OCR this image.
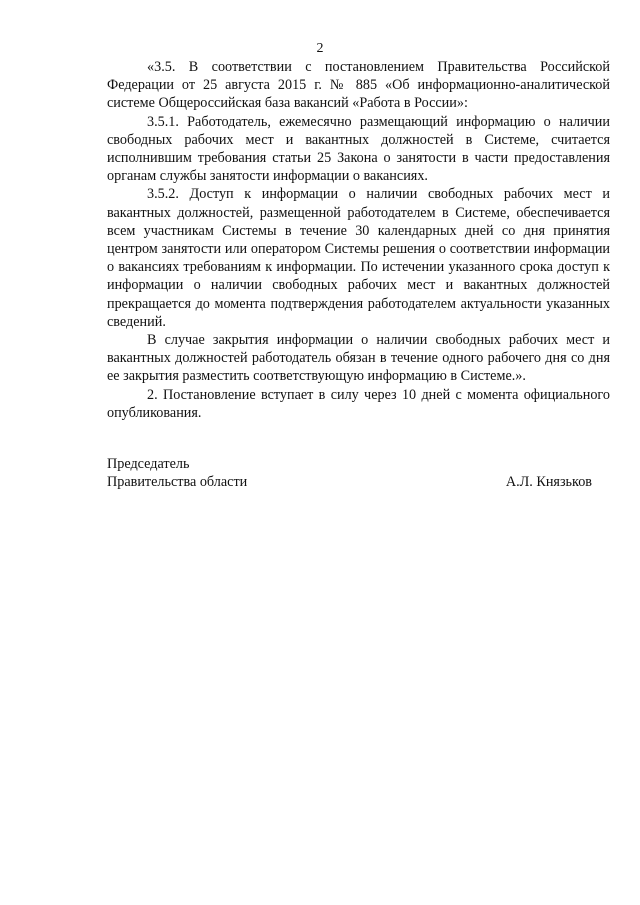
2

«3.5. В соответствии с постановлением Правительства Российской Федерации от 25 августа 2015 г. № 885 «Об информационно-аналитической системе Общероссийская база вакансий «Работа в России»:

3.5.1. Работодатель, ежемесячно размещающий информацию о наличии свободных рабочих мест и вакантных должностей в Системе, считается исполнившим требования статьи 25 Закона о занятости в части предоставления органам службы занятости информации о вакансиях.

3.5.2. Доступ к информации о наличии свободных рабочих мест и вакантных должностей, размещенной работодателем в Системе, обеспечивается всем участникам Системы в течение 30 календарных дней со дня принятия центром занятости или оператором Системы решения о соответствии информации о вакансиях требованиям к информации. По истечении указанного срока доступ к информации о наличии свободных рабочих мест и вакантных должностей прекращается до момента подтверждения работодателем актуальности указанных сведений.

В случае закрытия информации о наличии свободных рабочих мест и вакантных должностей работодатель обязан в течение одного рабочего дня со дня ее закрытия разместить соответствующую информацию в Системе.».

2. Постановление вступает в силу через 10 дней с момента официального опубликования.

Председатель
Правительства области	А.Л. Князьков
